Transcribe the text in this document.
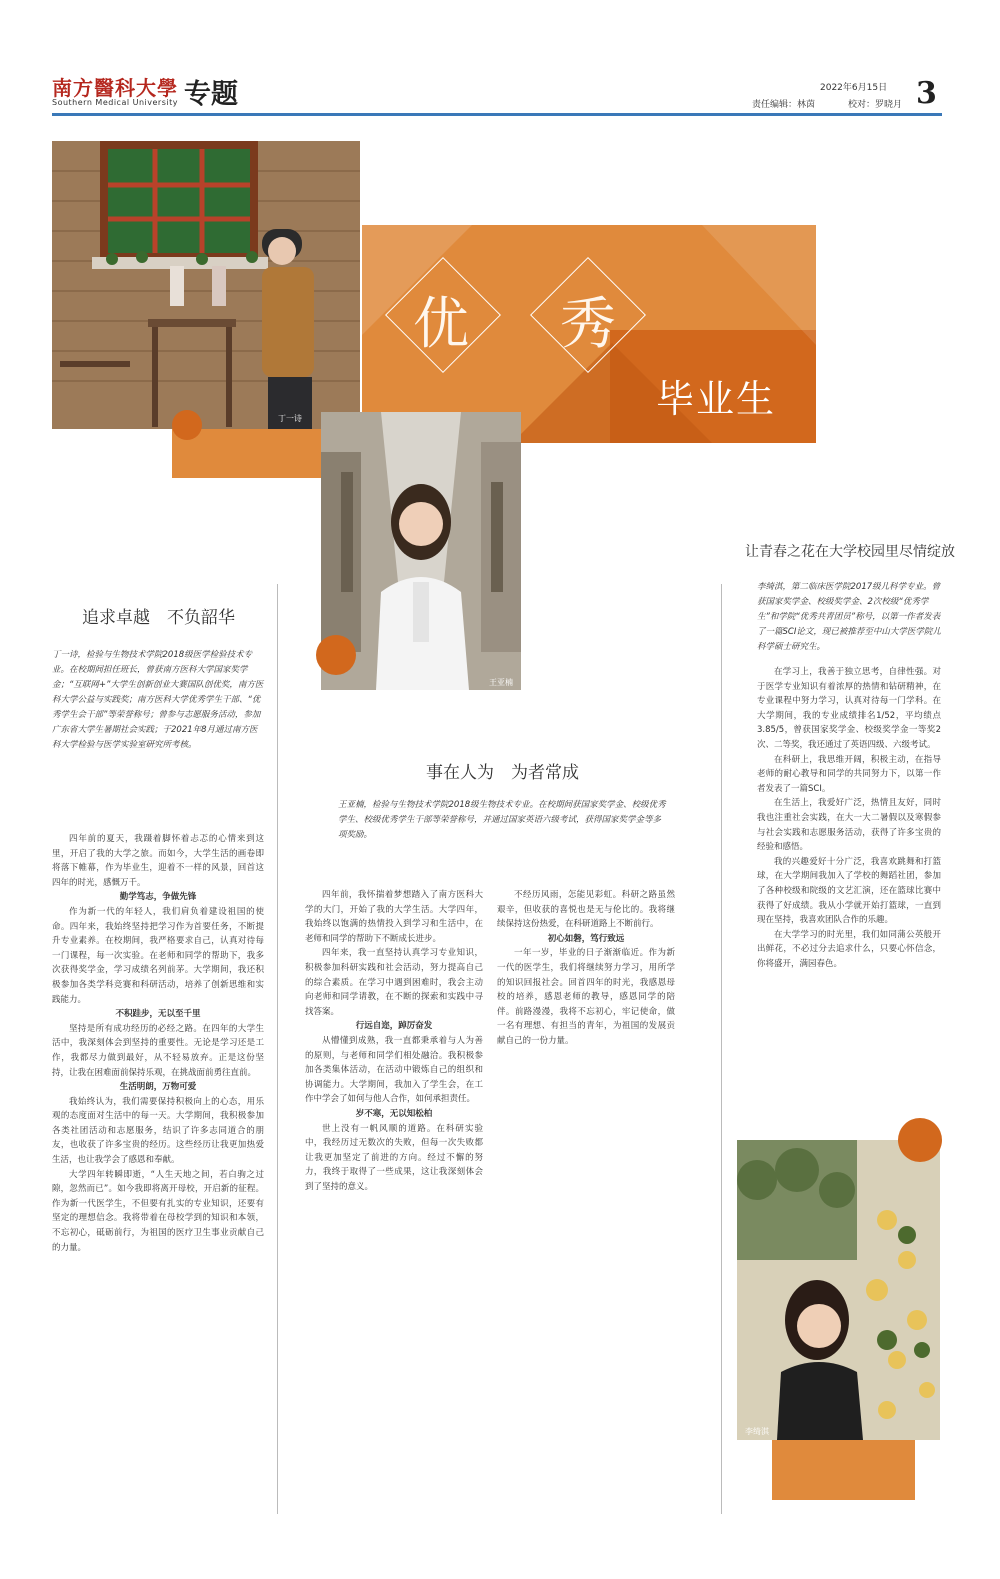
南方醫科大學
Southern Medical University 专题	2022年6月15日
责任编辑：林茵	校对：罗晓月 3
优 秀
毕业生
丁一诗
王亚楠
李绮淇
追求卓越　不负韶华
丁一诗，检验与生物技术学院2018级医学检验技术专业。在校期间担任班长，曾获南方医科大学国家奖学金；“互联网+”大学生创新创业大赛国队创优奖，南方医科大学公益与实践奖；南方医科大学优秀学生干部、“优秀学生会干部”等荣誉称号；曾参与志愿服务活动，参加广东省大学生暑期社会实践；于2021年8月通过南方医科大学检验与医学实验室研究所考核。

四年前的夏天，我蹑着脚怀着忐忑的心情来到这里，开启了我的大学之旅。而如今，大学生活的画卷即将落下帷幕，作为毕业生，迎着不一样的风景，回首这四年的时光，感慨万千。

勤学笃志，争做先锋

作为新一代的年轻人，我们肩负着建设祖国的使命。四年来，我始终坚持把学习作为首要任务，不断提升专业素养。在校期间，我严格要求自己，认真对待每一门课程，每一次实验。在老师和同学的帮助下，我多次获得奖学金，学习成绩名列前茅。大学期间，我还积极参加各类学科竞赛和科研活动，培养了创新思维和实践能力。

不积跬步，无以至千里

坚持是所有成功经历的必经之路。在四年的大学生活中，我深刻体会到坚持的重要性。无论是学习还是工作，我都尽力做到最好，从不轻易放弃。正是这份坚持，让我在困难面前保持乐观，在挑战面前勇往直前。

生活明朗，万物可爱

我始终认为，我们需要保持积极向上的心态，用乐观的态度面对生活中的每一天。大学期间，我积极参加各类社团活动和志愿服务，结识了许多志同道合的朋友，也收获了许多宝贵的经历。这些经历让我更加热爱生活，也让我学会了感恩和奉献。

大学四年转瞬即逝，“人生天地之间，若白驹之过隙，忽然而已”。如今我即将离开母校，开启新的征程。作为新一代医学生，不但要有扎实的专业知识，还要有坚定的理想信念。我将带着在母校学到的知识和本领，不忘初心，砥砺前行，为祖国的医疗卫生事业贡献自己的力量。

事在人为　为者常成
王亚楠，检验与生物技术学院2018级生物技术专业。在校期间获国家奖学金、校级优秀学生、校级优秀学生干部等荣誉称号，并通过国家英语六级考试，获得国家奖学金等多项奖励。

四年前，我怀揣着梦想踏入了南方医科大学的大门，开始了我的大学生活。大学四年，我始终以饱满的热情投入到学习和生活中，在老师和同学的帮助下不断成长进步。

四年来，我一直坚持认真学习专业知识，积极参加科研实践和社会活动，努力提高自己的综合素质。在学习中遇到困难时，我会主动向老师和同学请教，在不断的探索和实践中寻找答案。

行远自迩，踔厉奋发

从懵懂到成熟，我一直都秉承着与人为善的原则，与老师和同学们相处融洽。我积极参加各类集体活动，在活动中锻炼自己的组织和协调能力。大学期间，我加入了学生会，在工作中学会了如何与他人合作，如何承担责任。

岁不寒，无以知松柏

世上没有一帆风顺的道路。在科研实验中，我经历过无数次的失败，但每一次失败都让我更加坚定了前进的方向。经过不懈的努力，我终于取得了一些成果，这让我深刻体会到了坚持的意义。

不经历风雨，怎能见彩虹。科研之路虽然艰辛，但收获的喜悦也是无与伦比的。我将继续保持这份热爱，在科研道路上不断前行。

初心如磐，笃行致远

一年一岁，毕业的日子渐渐临近。作为新一代的医学生，我们将继续努力学习，用所学的知识回报社会。回首四年的时光，我感恩母校的培养，感恩老师的教导，感恩同学的陪伴。前路漫漫，我将不忘初心，牢记使命，做一名有理想、有担当的青年，为祖国的发展贡献自己的一份力量。

让青春之花在大学校园里尽情绽放
李绮淇，第二临床医学院2017级儿科学专业。曾获国家奖学金、校级奖学金、2次校级“优秀学生”和学院“优秀共青团员”称号，以第一作者发表了一篇SCI论文，现已被推荐至中山大学医学院儿科学硕士研究生。

在学习上，我善于独立思考，自律性强。对于医学专业知识有着浓厚的热情和钻研精神，在专业课程中努力学习，认真对待每一门学科。在大学期间，我的专业成绩排名1/52，平均绩点3.85/5，曾获国家奖学金、校级奖学金一等奖2次、二等奖，我还通过了英语四级、六级考试。

在科研上，我思维开阔，积极主动，在指导老师的耐心教导和同学的共同努力下，以第一作者发表了一篇SCI。

在生活上，我爱好广泛，热情且友好，同时我也注重社会实践，在大一大二暑假以及寒假参与社会实践和志愿服务活动，获得了许多宝贵的经验和感悟。

我的兴趣爱好十分广泛，我喜欢跳舞和打篮球，在大学期间我加入了学校的舞蹈社团，参加了各种校级和院级的文艺汇演，还在篮球比赛中获得了好成绩。我从小学就开始打篮球，一直到现在坚持，我喜欢团队合作的乐趣。

在大学学习的时光里，我们如同蒲公英般开出鲜花，不必过分去追求什么，只要心怀信念，你将盛开，满园春色。
